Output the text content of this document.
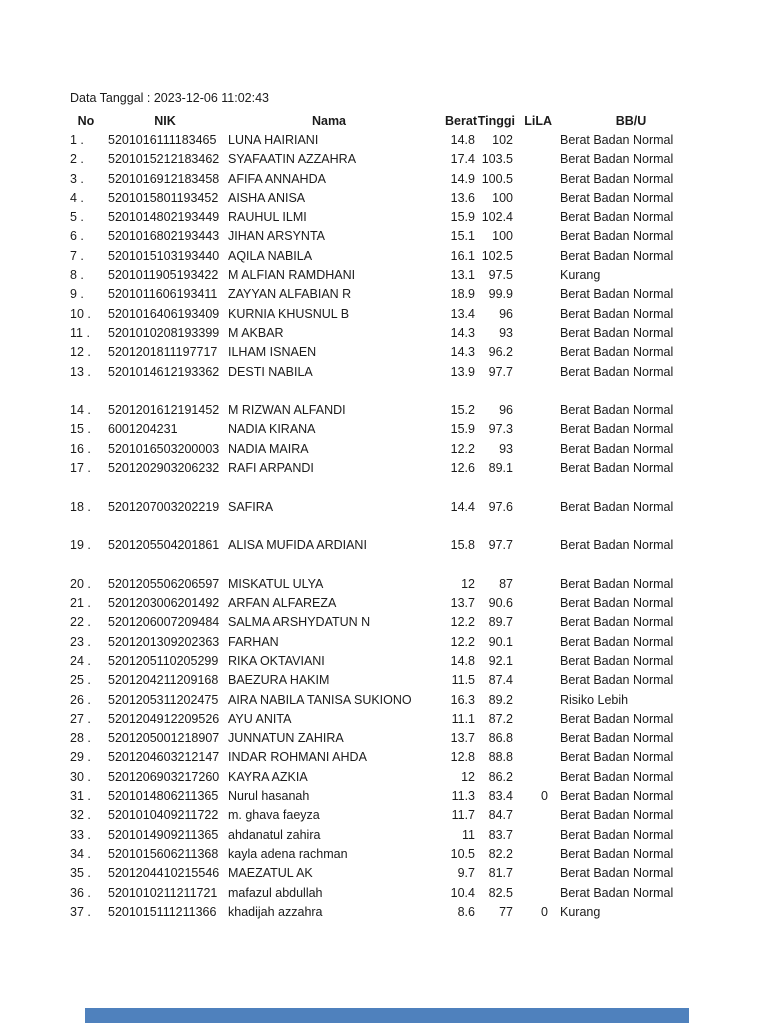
Data Tanggal : 2023-12-06 11:02:43
No	NIK	Nama	Berat	Tinggi	LiLA	BB/U
1 .	5201016111183465	LUNA HAIRIANI	14.8	102		Berat Badan Normal
2 .	5201015212183462	SYAFAATIN AZZAHRA	17.4	103.5		Berat Badan Normal
3 .	5201016912183458	AFIFA ANNAHDA	14.9	100.5		Berat Badan Normal
4 .	5201015801193452	AISHA ANISA	13.6	100		Berat Badan Normal
5 .	5201014802193449	RAUHUL ILMI	15.9	102.4		Berat Badan Normal
6 .	5201016802193443	JIHAN ARSYNTA	15.1	100		Berat Badan Normal
7 .	5201015103193440	AQILA NABILA	16.1	102.5		Berat Badan Normal
8 .	5201011905193422	M ALFIAN RAMDHANI	13.1	97.5		Kurang
9 .	5201011606193411	ZAYYAN ALFABIAN R	18.9	99.9		Berat Badan Normal
10 .	5201016406193409	KURNIA KHUSNUL B	13.4	96		Berat Badan Normal
11 .	5201010208193399	M AKBAR	14.3	93		Berat Badan Normal
12 .	5201201811197717	ILHAM ISNAEN	14.3	96.2		Berat Badan Normal
13 .	5201014612193362	DESTI NABILA	13.9	97.7		Berat Badan Normal

14 .	5201201612191452	M RIZWAN ALFANDI	15.2	96		Berat Badan Normal
15 .	6001204231	NADIA KIRANA	15.9	97.3		Berat Badan Normal
16 .	5201016503200003	NADIA MAIRA	12.2	93		Berat Badan Normal
17 .	5201202903206232	RAFI ARPANDI	12.6	89.1		Berat Badan Normal

18 .	5201207003202219	SAFIRA	14.4	97.6		Berat Badan Normal

19 .	5201205504201861	ALISA MUFIDA ARDIANI	15.8	97.7		Berat Badan Normal

20 .	5201205506206597	MISKATUL ULYA	12	87		Berat Badan Normal
21 .	5201203006201492	ARFAN ALFAREZA	13.7	90.6		Berat Badan Normal
22 .	5201206007209484	SALMA ARSHYDATUN N	12.2	89.7		Berat Badan Normal
23 .	5201201309202363	FARHAN	12.2	90.1		Berat Badan Normal
24 .	5201205110205299	RIKA OKTAVIANI	14.8	92.1		Berat Badan Normal
25 .	5201204211209168	BAEZURA HAKIM	11.5	87.4		Berat Badan Normal
26 .	5201205311202475	AIRA NABILA TANISA SUKIONO	16.3	89.2		Risiko Lebih
27 .	5201204912209526	AYU ANITA	11.1	87.2		Berat Badan Normal
28 .	5201205001218907	JUNNATUN ZAHIRA	13.7	86.8		Berat Badan Normal
29 .	5201204603212147	INDAR ROHMANI AHDA	12.8	88.8		Berat Badan Normal
30 .	5201206903217260	KAYRA AZKIA	12	86.2		Berat Badan Normal
31 .	5201014806211365	Nurul hasanah	11.3	83.4	0	Berat Badan Normal
32 .	5201010409211722	m. ghava faeyza	11.7	84.7		Berat Badan Normal
33 .	5201014909211365	ahdanatul zahira	11	83.7		Berat Badan Normal
34 .	5201015606211368	kayla adena rachman	10.5	82.2		Berat Badan Normal
35 .	5201204410215546	MAEZATUL AK	9.7	81.7		Berat Badan Normal
36 .	5201010211211721	mafazul abdullah	10.4	82.5		Berat Badan Normal
37 .	5201015111211366	khadijah azzahra	8.6	77	0	Kurang
